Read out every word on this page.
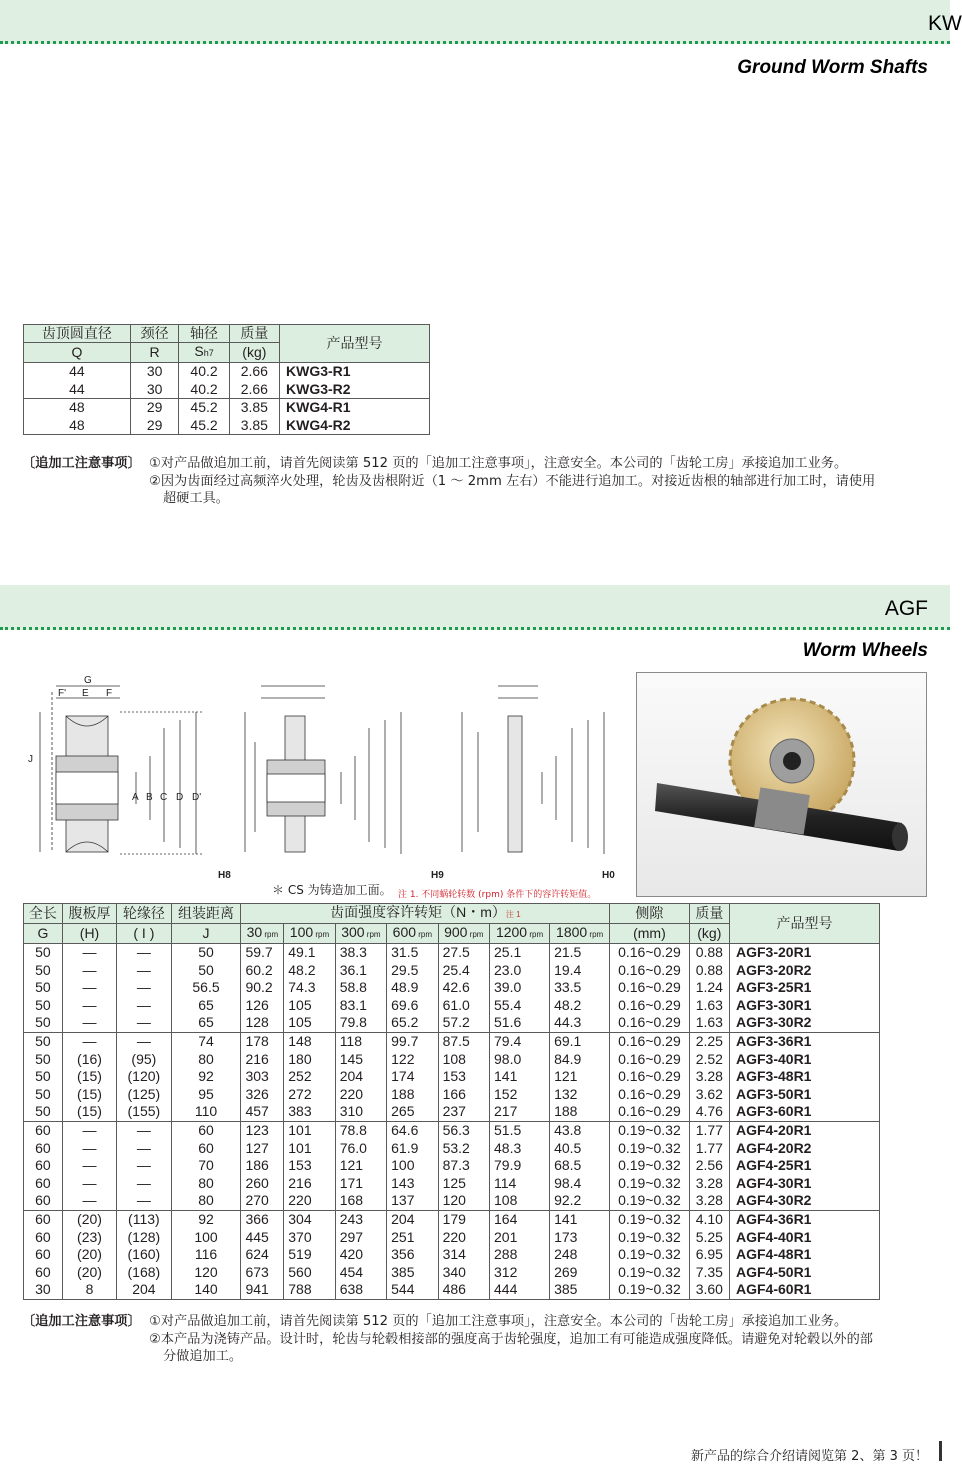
KW
Ground Worm Shafts
齿顶圆直径	颈径	轴径	质量	产品型号
Q	R	Sh7	(kg)	
44	30	40.2	2.66	KWG3-R1
44	30	40.2	2.66	KWG3-R2
48	29	45.2	3.85	KWG4-R1
48	29	45.2	3.85	KWG4-R2
〔追加工注意事项〕 ①对产品做追加工前，请首先阅读第 512 页的「追加工注意事项」，注意安全。本公司的「齿轮工房」承接追加工业务。
②因为齿面经过高频淬火处理，轮齿及齿根附近（1 ～ 2mm 左右）不能进行追加工。对接近齿根的轴部进行加工时，请使用
超硬工具。
AGF
Worm Wheels
G
F' E F
J
A B C D D'
H8	H9	H0
＊ CS 为铸造加工面。 注 1. 不同蜗轮转数 (rpm) 条件下的容许转矩值。
全长	腹板厚	轮缘径	组装距离	齿面强度容许转矩（N・m）注 1							侧隙	质量	产品型号
G	(H)	( I )	J	30 rpm	100 rpm	300 rpm	600 rpm	900 rpm	1200 rpm	1800 rpm	(mm)	(kg)	
50	—	—	50	59.7	49.1	38.3	31.5	27.5	25.1	21.5	0.16~0.29	0.88	AGF3-20R1
50	—	—	50	60.2	48.2	36.1	29.5	25.4	23.0	19.4	0.16~0.29	0.88	AGF3-20R2
50	—	—	56.5	90.2	74.3	58.8	48.9	42.6	39.0	33.5	0.16~0.29	1.24	AGF3-25R1
50	—	—	65	126	105	83.1	69.6	61.0	55.4	48.2	0.16~0.29	1.63	AGF3-30R1
50	—	—	65	128	105	79.8	65.2	57.2	51.6	44.3	0.16~0.29	1.63	AGF3-30R2
50	—	—	74	178	148	118	99.7	87.5	79.4	69.1	0.16~0.29	2.25	AGF3-36R1
50	(16)	(95)	80	216	180	145	122	108	98.0	84.9	0.16~0.29	2.52	AGF3-40R1
50	(15)	(120)	92	303	252	204	174	153	141	121	0.16~0.29	3.28	AGF3-48R1
50	(15)	(125)	95	326	272	220	188	166	152	132	0.16~0.29	3.62	AGF3-50R1
50	(15)	(155)	110	457	383	310	265	237	217	188	0.16~0.29	4.76	AGF3-60R1
60	—	—	60	123	101	78.8	64.6	56.3	51.5	43.8	0.19~0.32	1.77	AGF4-20R1
60	—	—	60	127	101	76.0	61.9	53.2	48.3	40.5	0.19~0.32	1.77	AGF4-20R2
60	—	—	70	186	153	121	100	87.3	79.9	68.5	0.19~0.32	2.56	AGF4-25R1
60	—	—	80	260	216	171	143	125	114	98.4	0.19~0.32	3.28	AGF4-30R1
60	—	—	80	270	220	168	137	120	108	92.2	0.19~0.32	3.28	AGF4-30R2
60	(20)	(113)	92	366	304	243	204	179	164	141	0.19~0.32	4.10	AGF4-36R1
60	(23)	(128)	100	445	370	297	251	220	201	173	0.19~0.32	5.25	AGF4-40R1
60	(20)	(160)	116	624	519	420	356	314	288	248	0.19~0.32	6.95	AGF4-48R1
60	(20)	(168)	120	673	560	454	385	340	312	269	0.19~0.32	7.35	AGF4-50R1
30	8	204	140	941	788	638	544	486	444	385	0.19~0.32	3.60	AGF4-60R1
〔追加工注意事项〕 ①对产品做追加工前，请首先阅读第 512 页的「追加工注意事项」，注意安全。本公司的「齿轮工房」承接追加工业务。
②本产品为浇铸产品。设计时，轮齿与轮毂相接部的强度高于齿轮强度，追加工有可能造成强度降低。请避免对轮毂以外的部
分做追加工。
新产品的综合介绍请阅览第 2、第 3 页！
